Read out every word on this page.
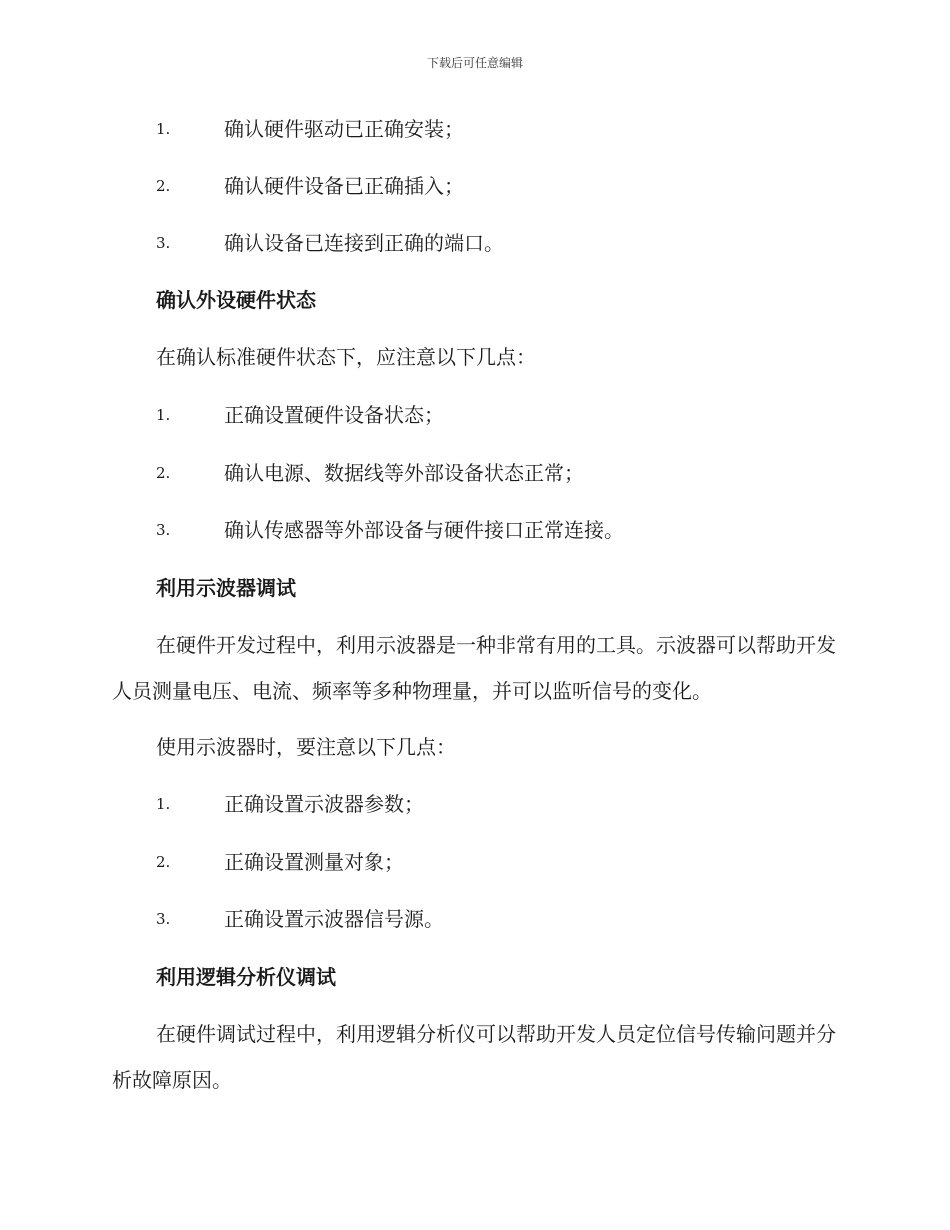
下载后可任意编辑
1.	确认硬件驱动已正确安装；
2.	确认硬件设备已正确插入；
3.	确认设备已连接到正确的端口。
确认外设硬件状态
在确认标准硬件状态下，应注意以下几点：
1.	正确设置硬件设备状态；
2.	确认电源、数据线等外部设备状态正常；
3.	确认传感器等外部设备与硬件接口正常连接。
利用示波器调试
在硬件开发过程中，利用示波器是一种非常有用的工具。示波器可以帮助开发人员测量电压、电流、频率等多种物理量，并可以监听信号的变化。
使用示波器时，要注意以下几点：
1.	正确设置示波器参数；
2.	正确设置测量对象；
3.	正确设置示波器信号源。
利用逻辑分析仪调试
在硬件调试过程中，利用逻辑分析仪可以帮助开发人员定位信号传输问题并分析故障原因。
